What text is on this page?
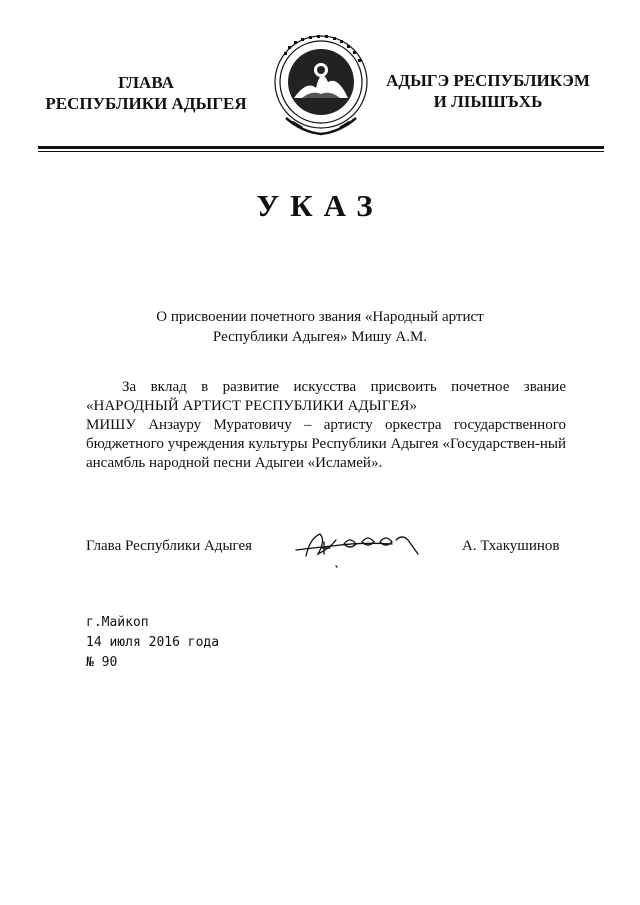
ГЛАВА
РЕСПУБЛИКИ АДЫГЕЯ
АДЫГЭ РЕСПУБЛИКЭМ
И ЛІЫШЪХЬ
УКАЗ
О присвоении почетного звания «Народный артист
Республики Адыгея» Мишу А.М.

За вклад в развитие искусства присвоить почетное звание

«НАРОДНЫЙ АРТИСТ РЕСПУБЛИКИ АДЫГЕЯ»

МИШУ Анзауру Муратовичу – артисту оркестра государственного бюджетного учреждения культуры Республики Адыгея «Государствен-ный ансамбль народной песни Адыгеи «Исламей».

Глава Республики Адыгея	А. Тхакушинов
г.Майкоп
14 июля 2016 года
№ 90
